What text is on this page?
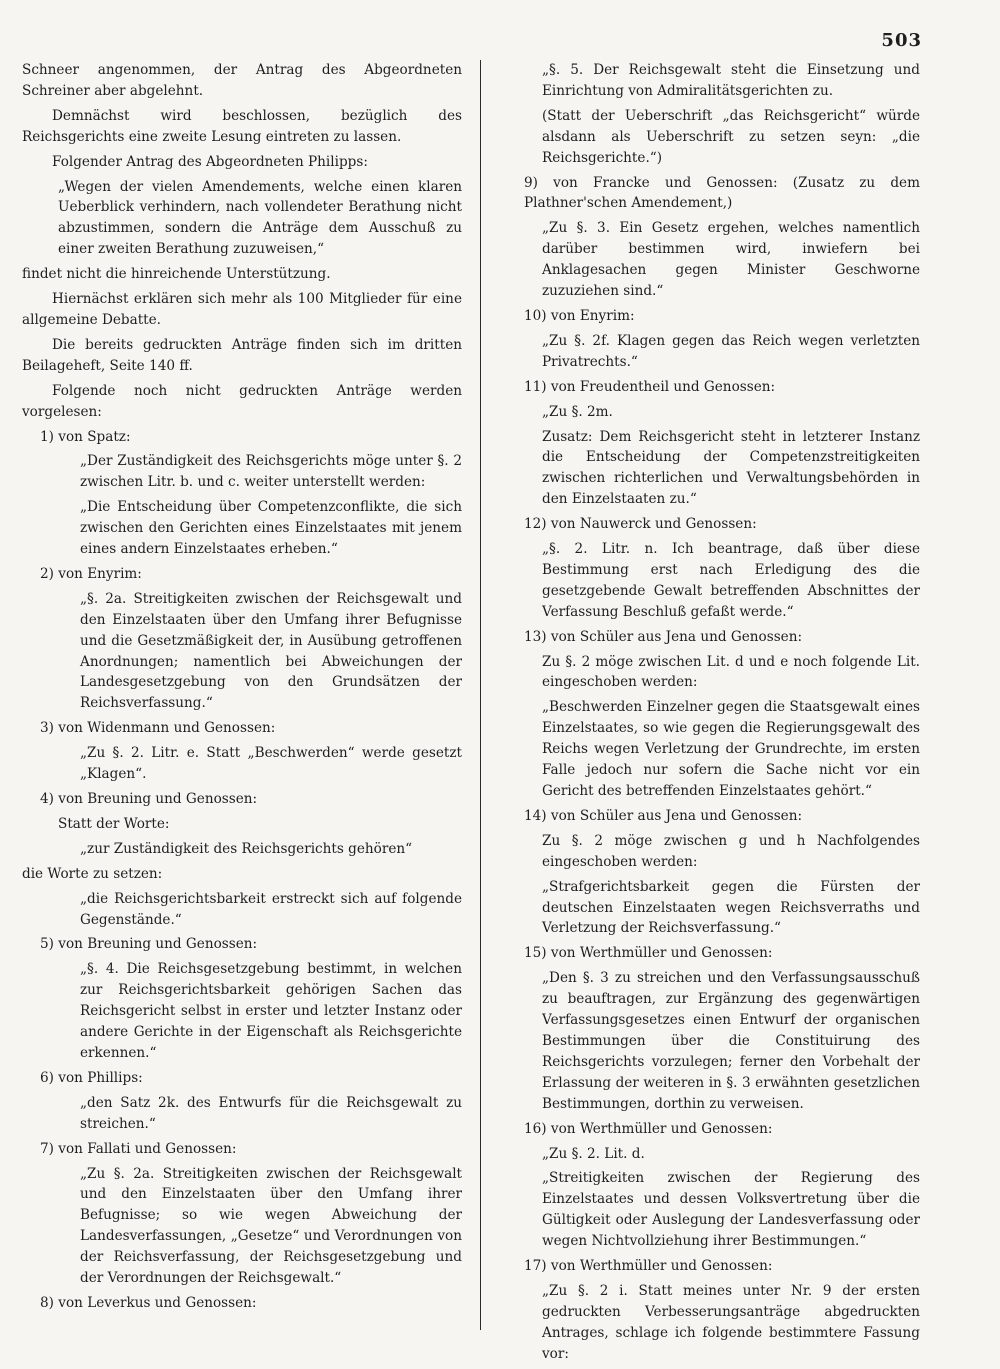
503

Schneer angenommen, der Antrag des Abgeordneten Schreiner aber abgelehnt.

Demnächst wird beschlossen, bezüglich des Reichsgerichts eine zweite Lesung eintreten zu lassen.

Folgender Antrag des Abgeordneten Philipps:

„Wegen der vielen Amendements, welche einen klaren Ueberblick verhindern, nach vollendeter Berathung nicht abzustimmen, sondern die Anträge dem Ausschuß zu einer zweiten Berathung zuzuweisen,“

findet nicht die hinreichende Unterstützung.

Hiernächst erklären sich mehr als 100 Mitglieder für eine allgemeine Debatte.

Die bereits gedruckten Anträge finden sich im dritten Beilageheft, Seite 140 ff.

Folgende noch nicht gedruckten Anträge werden vorgelesen:

1) von Spatz:

„Der Zuständigkeit des Reichsgerichts möge unter §. 2 zwischen Litr. b. und c. weiter unterstellt werden:

„Die Entscheidung über Competenzconflikte, die sich zwischen den Gerichten eines Einzelstaates mit jenem eines andern Einzelstaates erheben.“

2) von Enyrim:

„§. 2a. Streitigkeiten zwischen der Reichsgewalt und den Einzelstaaten über den Umfang ihrer Befugnisse und die Gesetzmäßigkeit der, in Ausübung getroffenen Anordnungen; namentlich bei Abweichungen der Landesgesetzgebung von den Grundsätzen der Reichsverfassung.“

3) von Widenmann und Genossen:

„Zu §. 2. Litr. e. Statt „Beschwerden“ werde gesetzt „Klagen“.

4) von Breuning und Genossen:

Statt der Worte:

„zur Zuständigkeit des Reichsgerichts gehören“

die Worte zu setzen:

„die Reichsgerichtsbarkeit erstreckt sich auf folgende Gegenstände.“

5) von Breuning und Genossen:

„§. 4. Die Reichsgesetzgebung bestimmt, in welchen zur Reichsgerichtsbarkeit gehörigen Sachen das Reichsgericht selbst in erster und letzter Instanz oder andere Gerichte in der Eigenschaft als Reichsgerichte erkennen.“

6) von Phillips:

„den Satz 2k. des Entwurfs für die Reichsgewalt zu streichen.“

7) von Fallati und Genossen:

„Zu §. 2a. Streitigkeiten zwischen der Reichsgewalt und den Einzelstaaten über den Umfang ihrer Befugnisse; so wie wegen Abweichung der Landesverfassungen, „Gesetze“ und Verordnungen von der Reichsverfassung, der Reichsgesetzgebung und der Verordnungen der Reichsgewalt.“

8) von Leverkus und Genossen:

„§. 5. Der Reichsgewalt steht die Einsetzung und Einrichtung von Admiralitätsgerichten zu.

(Statt der Ueberschrift „das Reichsgericht“ würde alsdann als Ueberschrift zu setzen seyn: „die Reichsgerichte.“)

9) von Francke und Genossen: (Zusatz zu dem Plathner'schen Amendement,)

„Zu §. 3. Ein Gesetz ergehen, welches namentlich darüber bestimmen wird, inwiefern bei Anklagesachen gegen Minister Geschworne zuzuziehen sind.“

10) von Enyrim:

„Zu §. 2f. Klagen gegen das Reich wegen verletzten Privatrechts.“

11) von Freudentheil und Genossen:

„Zu §. 2m.

Zusatz: Dem Reichsgericht steht in letzterer Instanz die Entscheidung der Competenzstreitigkeiten zwischen richterlichen und Verwaltungsbehörden in den Einzelstaaten zu.“

12) von Nauwerck und Genossen:

„§. 2. Litr. n. Ich beantrage, daß über diese Bestimmung erst nach Erledigung des die gesetzgebende Gewalt betreffenden Abschnittes der Verfassung Beschluß gefaßt werde.“

13) von Schüler aus Jena und Genossen:

Zu §. 2 möge zwischen Lit. d und e noch folgende Lit. eingeschoben werden:

„Beschwerden Einzelner gegen die Staatsgewalt eines Einzelstaates, so wie gegen die Regierungsgewalt des Reichs wegen Verletzung der Grundrechte, im ersten Falle jedoch nur sofern die Sache nicht vor ein Gericht des betreffenden Einzelstaates gehört.“

14) von Schüler aus Jena und Genossen:

Zu §. 2 möge zwischen g und h Nachfolgendes eingeschoben werden:

„Strafgerichtsbarkeit gegen die Fürsten der deutschen Einzelstaaten wegen Reichsverraths und Verletzung der Reichsverfassung.“

15) von Werthmüller und Genossen:

„Den §. 3 zu streichen und den Verfassungsausschuß zu beauftragen, zur Ergänzung des gegenwärtigen Verfassungsgesetzes einen Entwurf der organischen Bestimmungen über die Constituirung des Reichsgerichts vorzulegen; ferner den Vorbehalt der Erlassung der weiteren in §. 3 erwähnten gesetzlichen Bestimmungen, dorthin zu verweisen.

16) von Werthmüller und Genossen:

„Zu §. 2. Lit. d.

„Streitigkeiten zwischen der Regierung des Einzelstaates und dessen Volksvertretung über die Gültigkeit oder Auslegung der Landesverfassung oder wegen Nichtvollziehung ihrer Bestimmungen.“

17) von Werthmüller und Genossen:

„Zu §. 2 i. Statt meines unter Nr. 9 der ersten gedruckten Verbesserungsanträge abgedruckten Antrages, schlage ich folgende bestimmtere Fassung vor:
